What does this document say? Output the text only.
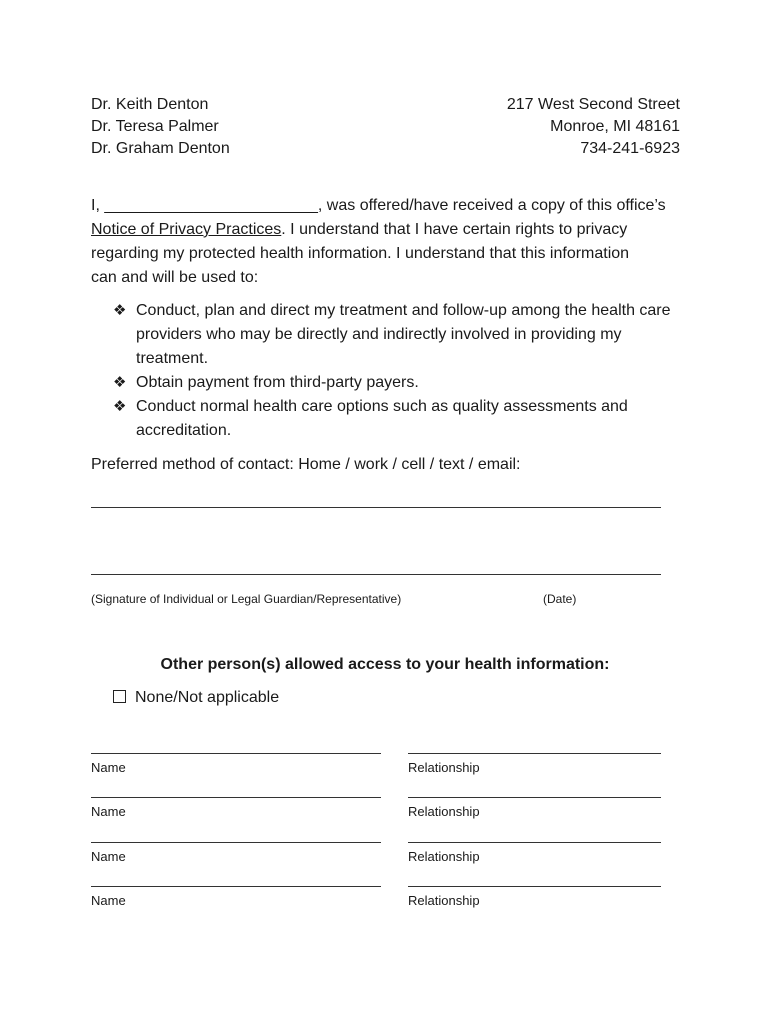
Dr. Keith Denton
Dr. Teresa Palmer
Dr. Graham Denton
217 West Second Street
Monroe, MI 48161
734-241-6923
I, ________________________, was offered/have received a copy of this office’s
Notice of Privacy Practices. I understand that I have certain rights to privacy
regarding my protected health information. I understand that this information
can and will be used to:
❖ Conduct, plan and direct my treatment and follow-up among the health care providers who may be directly and indirectly involved in providing my treatment.
❖ Obtain payment from third-party payers.
❖ Conduct normal health care options such as quality assessments and accreditation.
Preferred method of contact: Home / work / cell / text / email:
(Signature of Individual or Legal Guardian/Representative)	(Date)
Other person(s) allowed access to your health information:
None/Not applicable
Name	Relationship
Name	Relationship
Name	Relationship
Name	Relationship
